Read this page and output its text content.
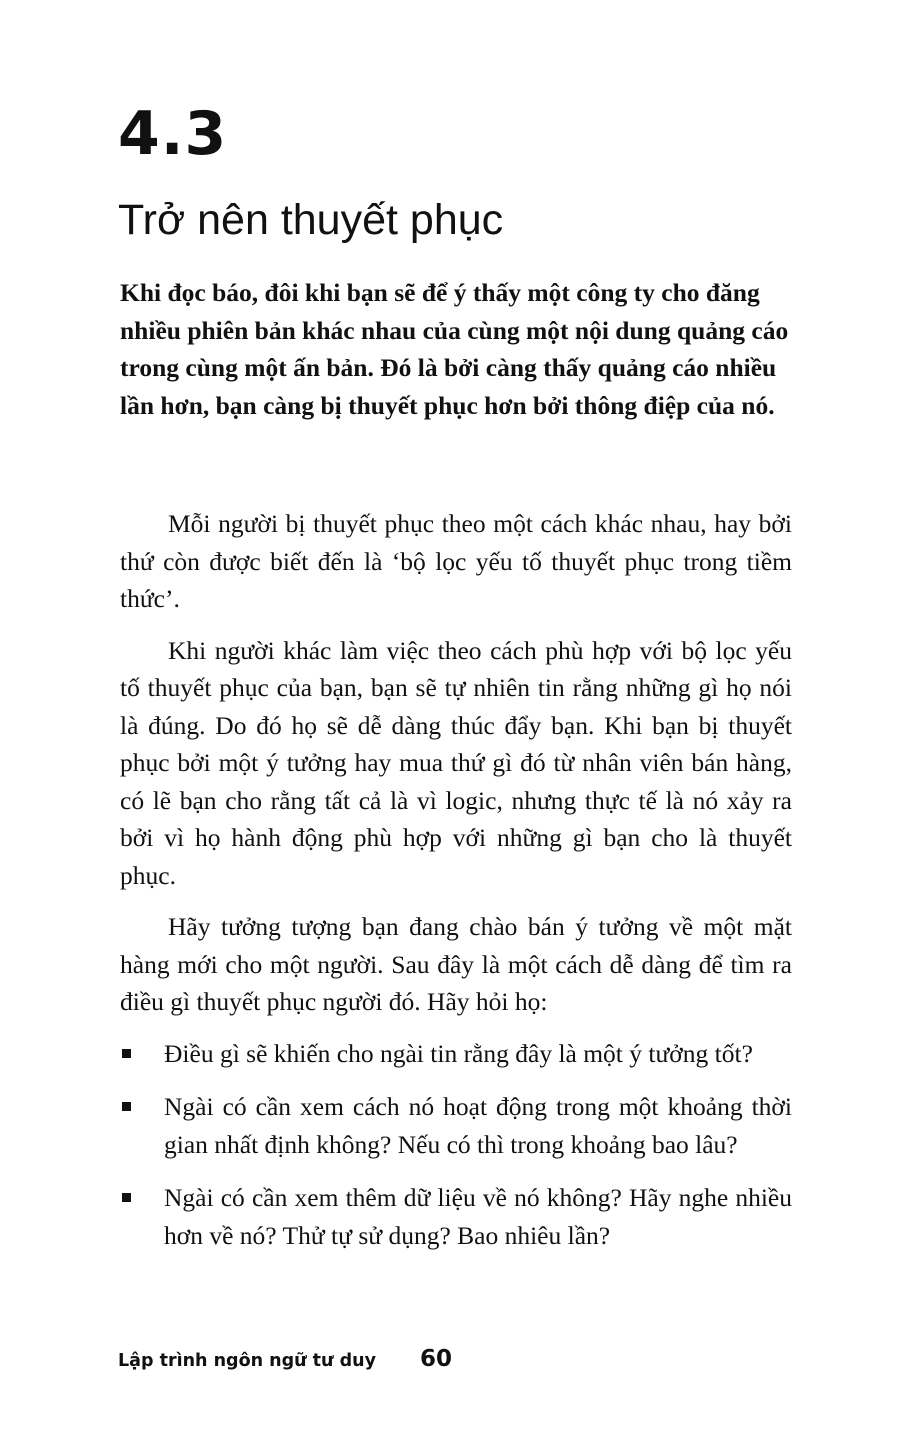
4.3
Trở nên thuyết phục

Khi đọc báo, đôi khi bạn sẽ để ý thấy một công ty cho đăng nhiều phiên bản khác nhau của cùng một nội dung quảng cáo trong cùng một ấn bản. Đó là bởi càng thấy quảng cáo nhiều lần hơn, bạn càng bị thuyết phục hơn bởi thông điệp của nó.

Mỗi người bị thuyết phục theo một cách khác nhau, hay bởi thứ còn được biết đến là ‘bộ lọc yếu tố thuyết phục trong tiềm thức’.

Khi người khác làm việc theo cách phù hợp với bộ lọc yếu tố thuyết phục của bạn, bạn sẽ tự nhiên tin rằng những gì họ nói là đúng. Do đó họ sẽ dễ dàng thúc đẩy bạn. Khi bạn bị thuyết phục bởi một ý tưởng hay mua thứ gì đó từ nhân viên bán hàng, có lẽ bạn cho rằng tất cả là vì logic, nhưng thực tế là nó xảy ra bởi vì họ hành động phù hợp với những gì bạn cho là thuyết phục.

Hãy tưởng tượng bạn đang chào bán ý tưởng về một mặt hàng mới cho một người. Sau đây là một cách dễ dàng để tìm ra điều gì thuyết phục người đó. Hãy hỏi họ:

Điều gì sẽ khiến cho ngài tin rằng đây là một ý tưởng tốt?
Ngài có cần xem cách nó hoạt động trong một khoảng thời gian nhất định không? Nếu có thì trong khoảng bao lâu?
Ngài có cần xem thêm dữ liệu về nó không? Hãy nghe nhiều hơn về nó? Thử tự sử dụng? Bao nhiêu lần?
Lập trình ngôn ngữ tư duy 60
